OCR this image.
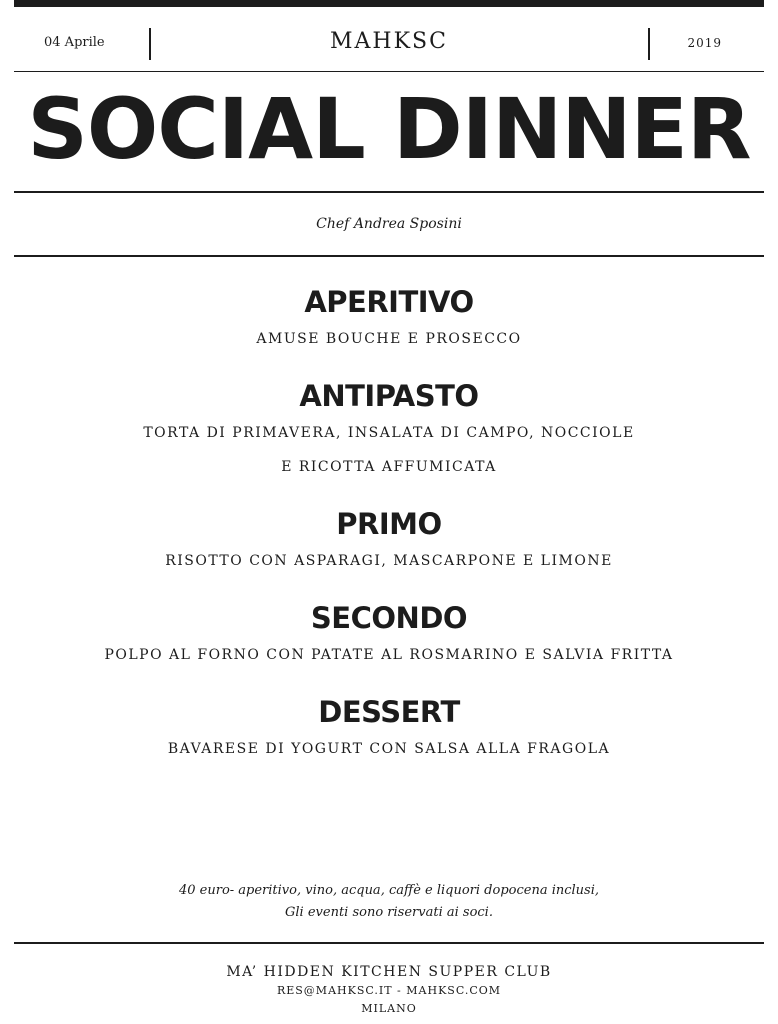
04 Aprile	MAHKSC	2019
SOCIAL DINNER
Chef Andrea Sposini
APERITIVO
AMUSE BOUCHE E PROSECCO
ANTIPASTO
TORTA DI PRIMAVERA, INSALATA DI CAMPO, NOCCIOLE
E RICOTTA AFFUMICATA
PRIMO
RISOTTO CON ASPARAGI, MASCARPONE E LIMONE
SECONDO
POLPO AL FORNO CON PATATE AL ROSMARINO E SALVIA FRITTA
DESSERT
BAVARESE DI YOGURT CON SALSA ALLA FRAGOLA
40 euro- aperitivo, vino, acqua, caffè e liquori dopocena inclusi,
Gli eventi sono riservati ai soci.
MA’ HIDDEN KITCHEN SUPPER CLUB
RES@MAHKSC.IT - MAHKSC.COM
MILANO
